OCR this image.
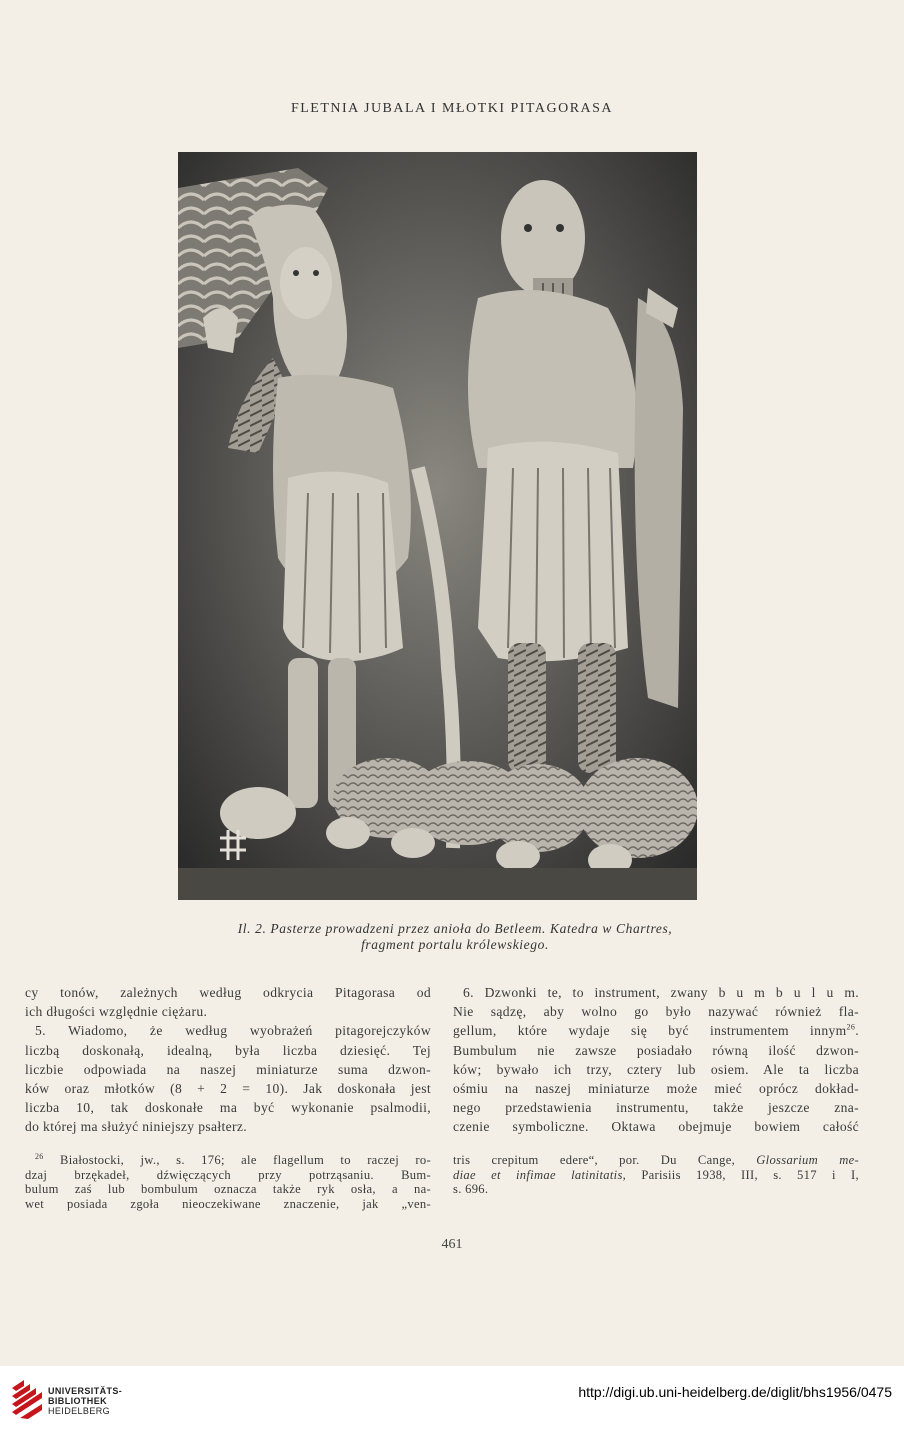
FLETNIA JUBALA I MŁOTKI PITAGORASA
Il. 2. Pasterze prowadzeni przez anioła do Betleem. Katedra w Chartres,
fragment portalu królewskiego.
cy tonów, zależnych według odkrycia Pitagorasa od
ich długości względnie ciężaru.
5. Wiadomo, że według wyobrażeń pitagorejczyków
liczbą doskonałą, idealną, była liczba dziesięć. Tej
liczbie odpowiada na naszej miniaturze suma dzwon-
ków oraz młotków (8 + 2 = 10). Jak doskonała jest
liczba 10, tak doskonałe ma być wykonanie psalmodii,
do której ma służyć niniejszy psałterz.
6. Dzwonki te, to instrument, zwany b u m b u l u m.
Nie sądzę, aby wolno go było nazywać również fla-
gellum, które wydaje się być instrumentem innym$^{26}$.
Bumbulum nie zawsze posiadało równą ilość dzwon-
ków; bywało ich trzy, cztery lub osiem. Ale ta liczba
ośmiu na naszej miniaturze może mieć oprócz dokład-
nego przedstawienia instrumentu, także jeszcze zna-
czenie symboliczne. Oktawa obejmuje bowiem całość
$^{26}$ Białostocki, jw., s. 176; ale flagellum to raczej ro-
dzaj brzękadeł, dźwięczących przy potrząsaniu. Bum-
bulum zaś lub bombulum oznacza także ryk osła, a na-
wet posiada zgoła nieoczekiwane znaczenie, jak „ven-
tris crepitum edere“, por. Du Cange, Glossarium me-
diae et infimae latinitatis, Parisiis 1938, III, s. 517 i I,
s. 696.
461
UNIVERSITÄTS-
BIBLIOTHEK
HEIDELBERG
http://digi.ub.uni-heidelberg.de/diglit/bhs1956/0475
